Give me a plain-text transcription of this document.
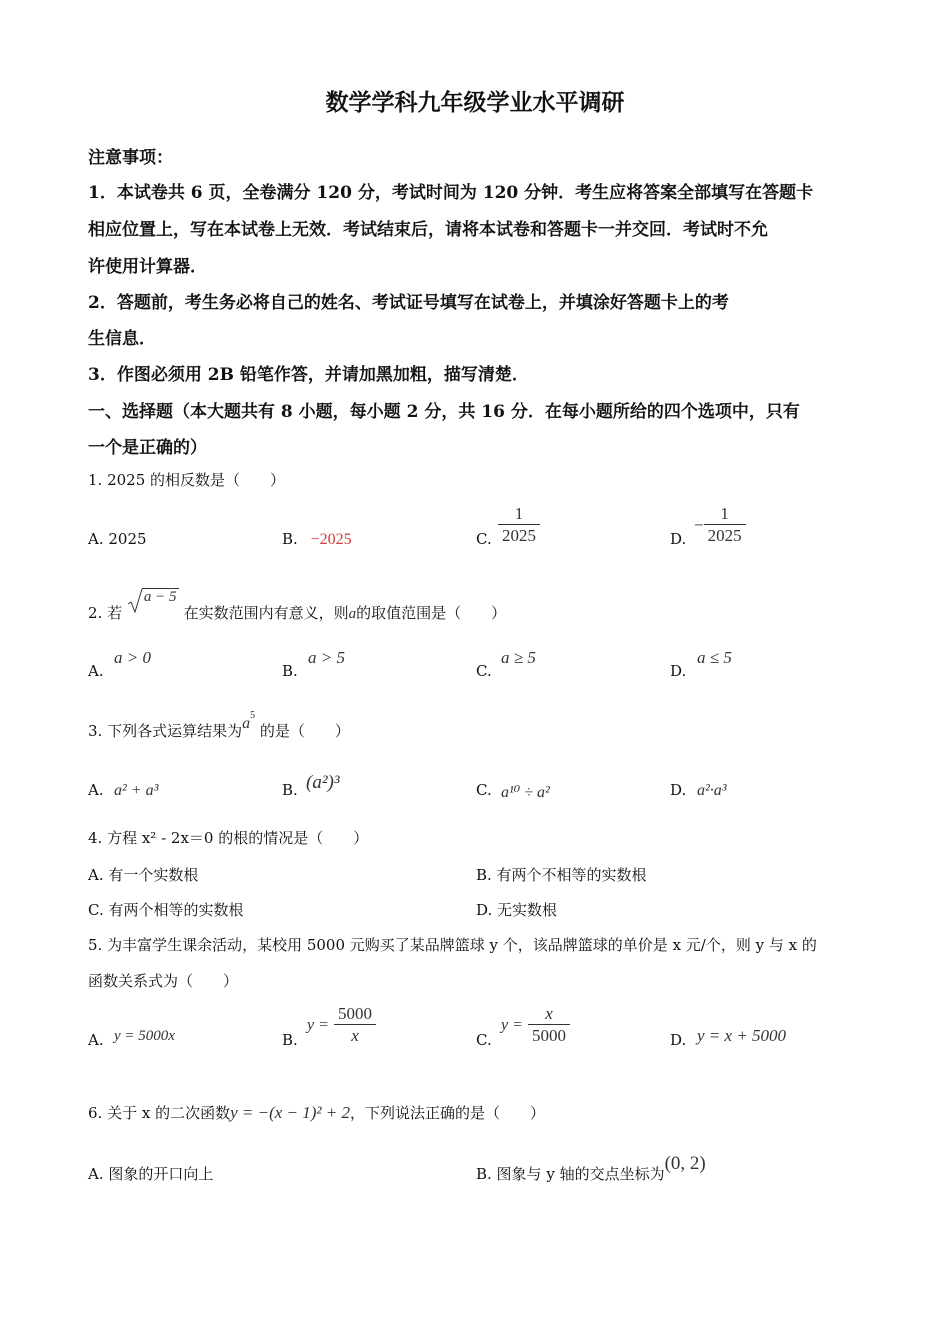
数学学科九年级学业水平调研
注意事项：
1．本试卷共 6 页，全卷满分 120 分，考试时间为 120 分钟．考生应将答案全部填写在答题卡
相应位置上，写在本试卷上无效．考试结束后，请将本试卷和答题卡一并交回．考试时不允
许使用计算器．
2．答题前，考生务必将自己的姓名、考试证号填写在试卷上，并填涂好答题卡上的考
生信息．
3．作图必须用 2B 铅笔作答，并请加黑加粗，描写清楚．
一、选择题（本大题共有 8 小题，每小题 2 分，共 16 分．在每小题所给的四个选项中，只有
一个是正确的）
1. 2025 的相反数是（　　）
A. 2025	B. −2025	C. $\frac{1}{2025}$	D.
− $\frac{1}{2025}$
2. 若
a − 5
在实数范围内有意义，则a的取值范围是（　　）
A.
a > 0
B.
a > 5
C.
a ≥ 5
D.
a ≤ 5
3. 下列各式运算结果为$a^5$ 的是（　　）
A. a² + a³	B. (a²)³	C. a¹⁰ ÷ a²	D. a²·a³
4. 方程 x² - 2x＝0 的根的情况是（　　）
A. 有一个实数根	B. 有两个不相等的实数根
C. 有两个相等的实数根	D. 无实数根
5. 为丰富学生课余活动，某校用 5000 元购买了某品牌篮球 y 个，该品牌篮球的单价是 x 元/个，则 y 与 x 的
函数关系式为（　　）
A. y = 5000x	B.
$y = \frac{5000}{x}$	C.
$y = \frac{x}{5000}$	D. y = x + 5000
6. 关于 x 的二次函数y = −(x − 1)² + 2，下列说法正确的是（　　）
A. 图象的开口向上	B. 图象与 y 轴的交点坐标为(0, 2)
